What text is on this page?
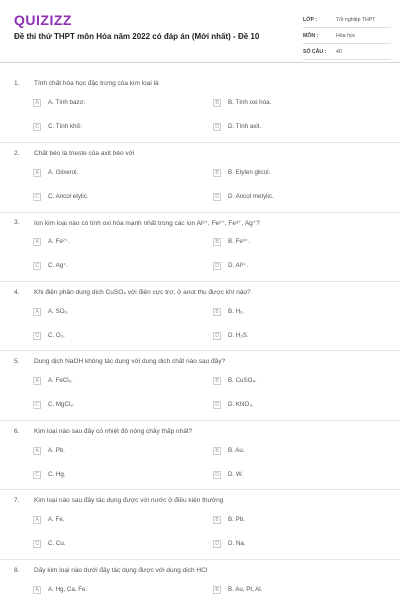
QUIZIZZ
Đề thi thử THPT môn Hóa năm 2022 có đáp án (Mới nhất) - Đề 10
LỚP :	Tốt nghiệp THPT
MÔN :	Hóa học
SỐ CÂU :	40
1. Tính chất hóa học đặc trưng của kim loại là
A	A. Tính bazơ.	B	B. Tính oxi hóa.
C	C. Tính khử.	D	D. Tính axit.
2. Chất béo là trieste của axit béo với
A	A. Glixerol.	B	B. Etylen glicol.
C	C. Ancol etylic.	D	D. Ancol metylic.
3. Ion kim loại nào có tính oxi hóa mạnh nhất trong các ion Al³⁺, Fe²⁺, Fe³⁺, Ag⁺?
A	A. Fe²⁺.	B	B. Fe³⁺.
C	C. Ag⁺.	D	D. Al³⁺.
4. Khi điện phân dung dịch CuSO₄ với điện cực trơ, ở anot thu được khí nào?
A	A. SO₂.	B	B. H₂.
C	C. O₂.	D	D. H₂S.
5. Dung dịch NaOH không tác dụng với dung dịch chất nào sau đây?
A	A. FeCl₂.	B	B. CuSO₄.
C	C. MgCl₂.	D	D. KNO₃.
6. Kim loại nào sau đây có nhiệt độ nóng chảy thấp nhất?
A	A. Pb.	B	B. Au.
C	C. Hg.	D	D. W.
7. Kim loại nào sau đây tác dụng được với nước ở điều kiện thường
A	A. Fe.	B	B. Pb.
C	C. Cu.	D	D. Na.
8. Dãy kim loại nào dưới đây tác dụng được với dung dịch HCl
A	A. Hg, Ca, Fe.	B	B. Au, Pt, Al.
